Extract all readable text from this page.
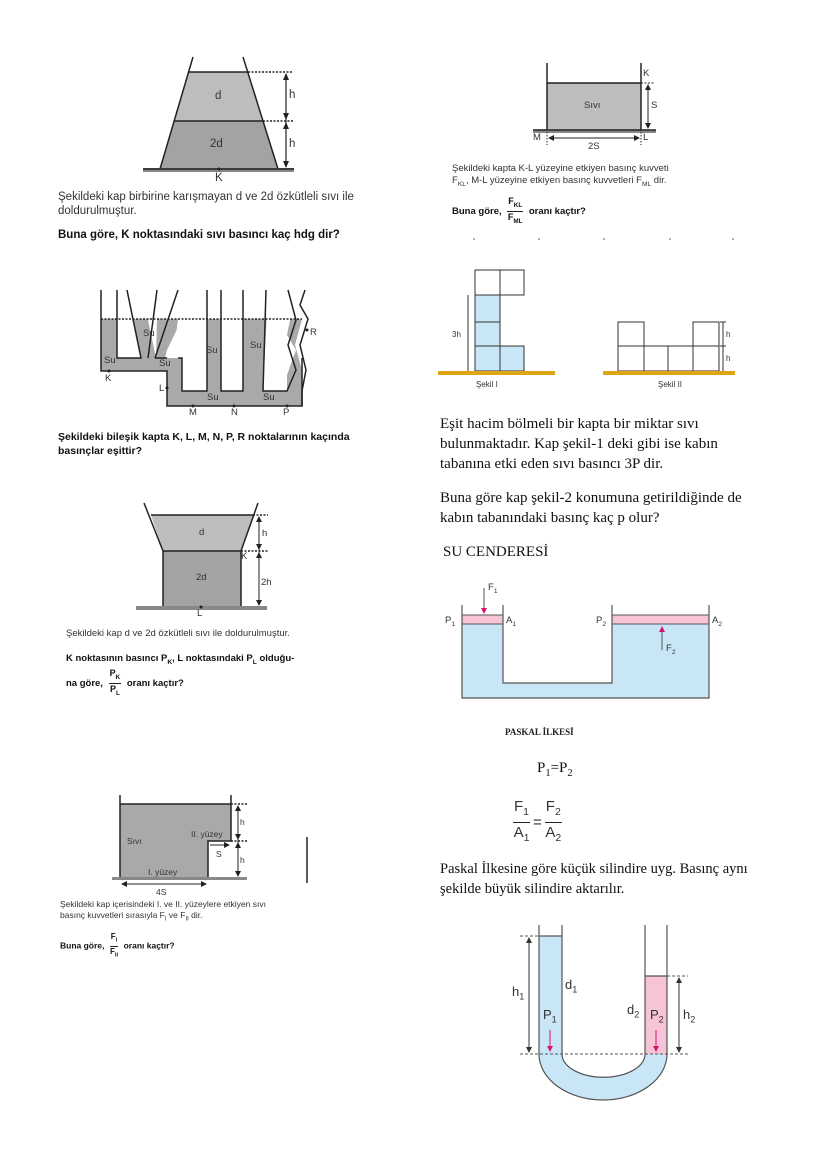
d
2d
h
h
K
Şekildeki kap birbirine karışmayan d ve 2d özkütleli sıvı ile doldurulmuştur.
Buna göre, K noktasındaki sıvı basıncı kaç hdg dir?
Sıvı
K
S
M	L
2S
Şekildeki kapta K-L yüzeyine etkiyen basınç kuvveti
$F_{KL}$, M-L yüzeyine etkiyen basınç kuvvetleri $F_{ML}$ dir.
Buna göre, $\frac{F_{KL}}{F_{ML}}$ oranı kaçtır?
Su
Su	Su
Su	Su
Su	Su
K
L
M	N	P
R
Şekildeki bileşik kapta K, L, M, N, P, R noktalarının kaçında basınçlar eşittir?
d
2d
h
2h
K
L
Şekildeki kap d ve 2d özkütleli sıvı ile doldurulmuştur.
K noktasının basıncı $P_K$, L noktasındaki $P_L$ olduğu-
na göre, $\frac{P_K}{P_L}$ oranı kaçtır?
Sıvı
II. yüzey
I. yüzey
S
4S
h
h
Şekildeki kap içerisindeki I. ve II. yüzeylere etkiyen sıvı
basınç kuvvetleri sırasıyla $F_I$ ve $F_{II}$ dir.
Buna göre, $\frac{F_I}{F_{II}}$ oranı kaçtır?
3h	h
h
Şekil I	Şekil II
Eşit hacim bölmeli bir kapta bir miktar sıvı bulunmaktadır. Kap şekil-1 deki gibi ise kabın tabanına etki eden sıvı basıncı 3P dir.
Buna göre kap şekil-2 konumuna getirildiğinde de kabın tabanındaki basınç kaç p olur?
SU CENDERESİ
$P_1$	$A_1$	$P_2$	$A_2$
$F_1$
$F_2$
PASKAL İLKESİ
$P_1=P_2$
$\frac{F_1}{A_1} = \frac{F_2}{A_2}$
Paskal İlkesine göre küçük silindire uyg. Basınç aynı şekilde büyük silindire aktarılır.
$h_1$
$d_1$
$P_1$
$d_2$ $P_2$ $h_2$
